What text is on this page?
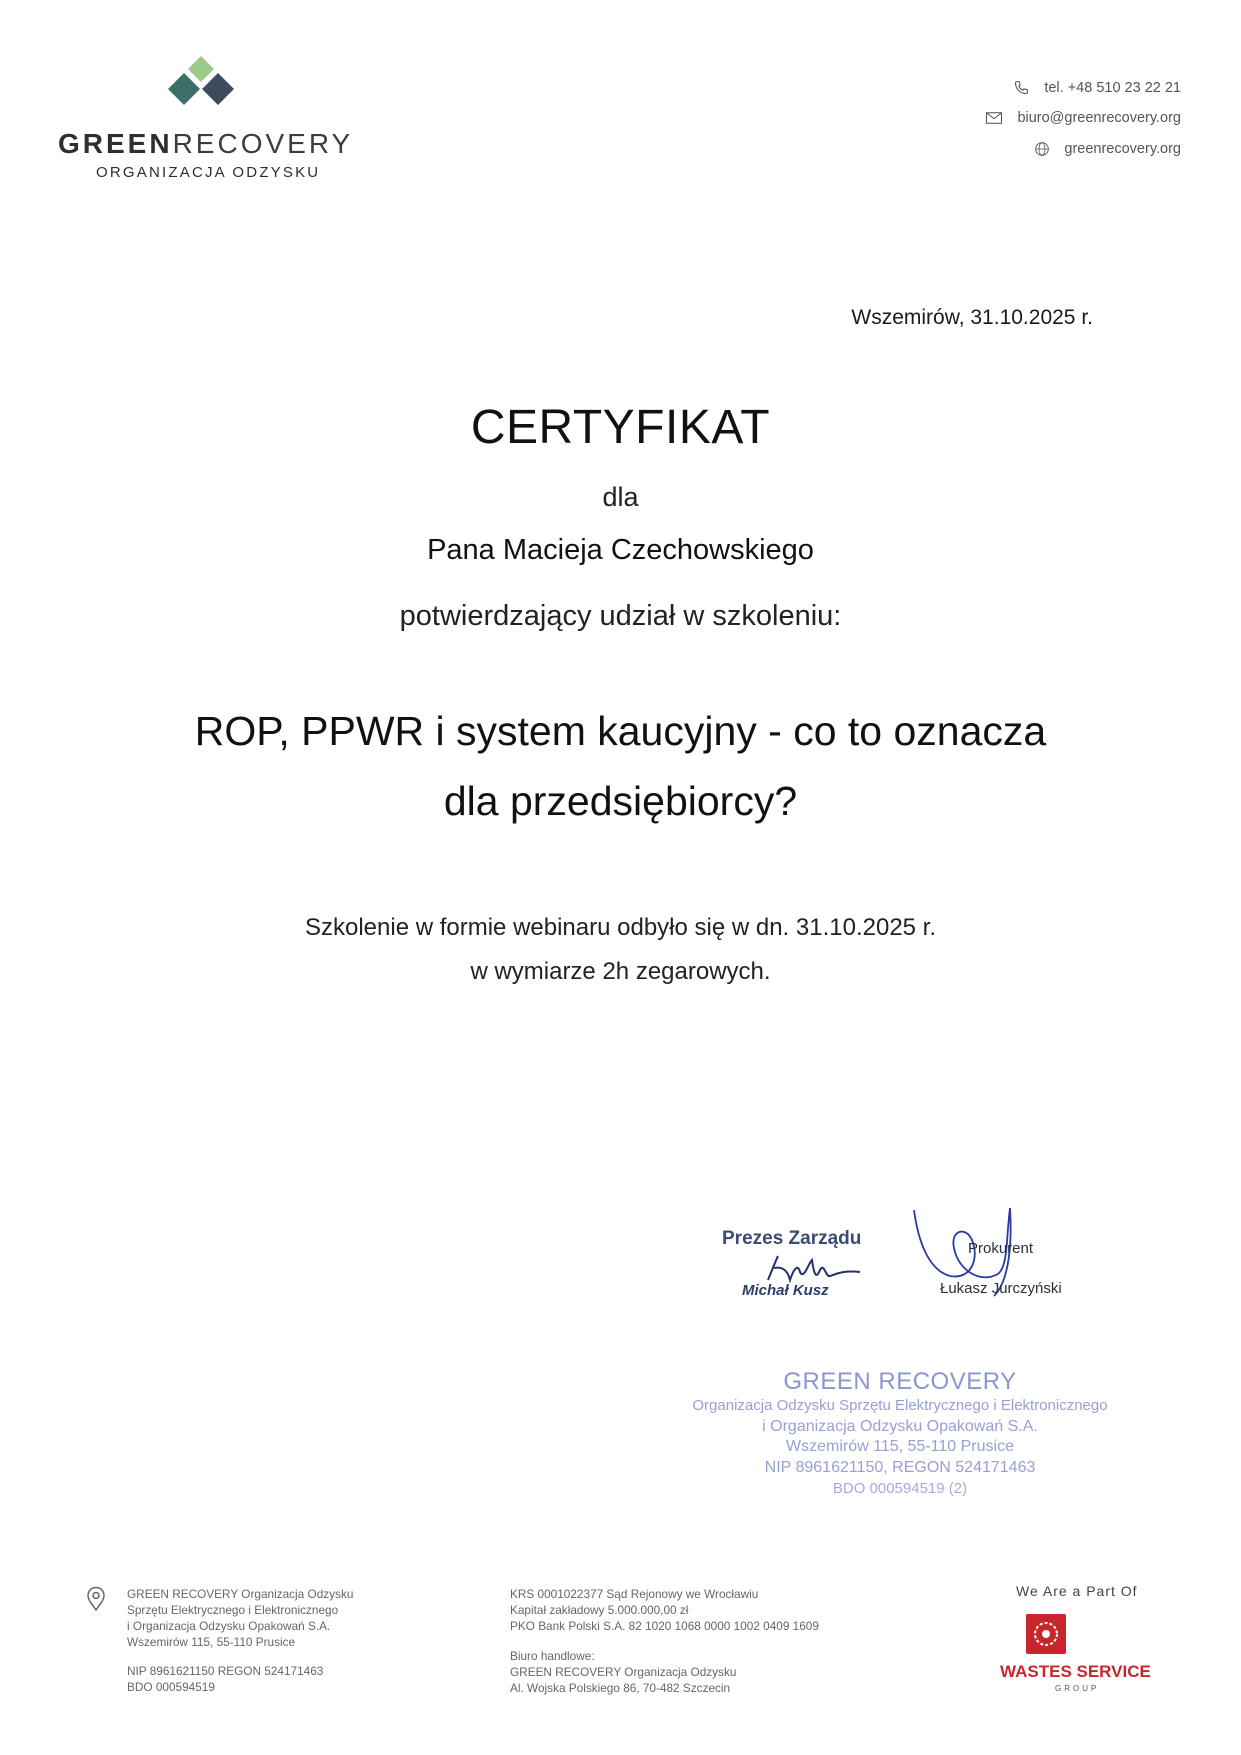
GREENRECOVERY
ORGANIZACJA ODZYSKU
tel. +48 510 23 22 21
biuro@greenrecovery.org
greenrecovery.org
Wszemirów, 31.10.2025 r.
CERTYFIKAT
dla
Pana Macieja Czechowskiego
potwierdzający udział w szkoleniu:
ROP, PPWR i system kaucyjny - co to oznacza
dla przedsiębiorcy?
Szkolenie w formie webinaru odbyło się w dn. 31.10.2025 r.
w wymiarze 2h zegarowych.
Prezes Zarządu
Michał Kusz
Prokurent
Łukasz Jurczyński
GREEN RECOVERY
Organizacja Odzysku Sprzętu Elektrycznego i Elektronicznego
i Organizacja Odzysku Opakowań S.A.
Wszemirów 115, 55-110 Prusice
NIP 8961621150, REGON 524171463
BDO 000594519 (2)
GREEN RECOVERY Organizacja Odzysku
Sprzętu Elektrycznego i Elektronicznego
i Organizacja Odzysku Opakowań S.A.
Wszemirów 115, 55-110 Prusice
NIP 8961621150 REGON 524171463
BDO 000594519
KRS 0001022377 Sąd Rejonowy we Wrocławiu
Kapitał zakładowy 5.000.000,00 zł
PKO Bank Polski S.A. 82 1020 1068 0000 1002 0409 1609
Biuro handlowe:
GREEN RECOVERY Organizacja Odzysku
Al. Wojska Polskiego 86, 70-482 Szczecin
We Are a Part Of
WASTES SERVICE
GROUP
